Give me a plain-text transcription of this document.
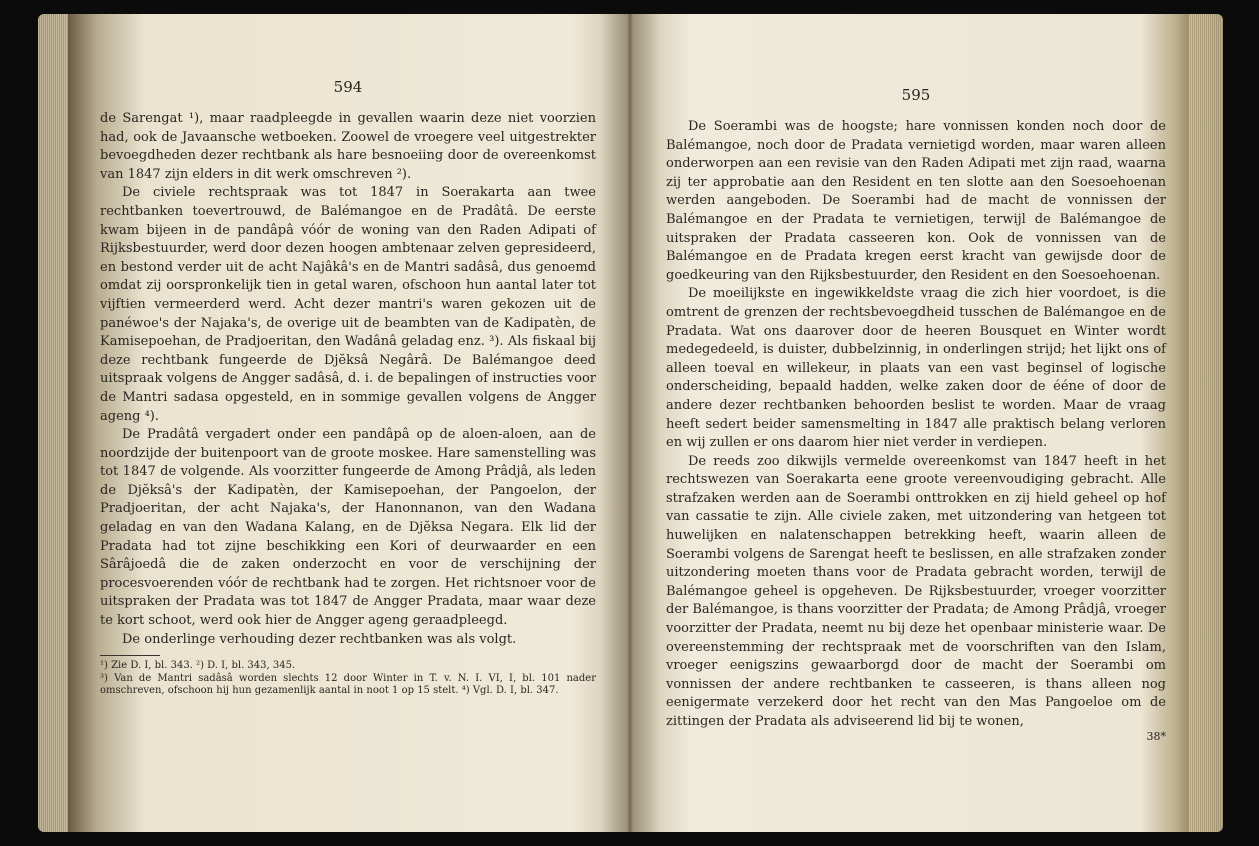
594

de Sarengat ¹), maar raadpleegde in gevallen waarin deze niet voorzien had, ook de Javaansche wetboeken. Zoowel de vroegere veel uitgestrekter bevoegdheden dezer rechtbank als hare besnoeiing door de overeenkomst van 1847 zijn elders in dit werk omschreven ²).

De civiele rechtspraak was tot 1847 in Soerakarta aan twee rechtbanken toevertrouwd, de Balémangoe en de Pradâtâ. De eerste kwam bijeen in de pandâpâ vóór de woning van den Raden Adipati of Rijksbestuurder, werd door dezen hoogen ambtenaar zelven gepresideerd, en bestond verder uit de acht Najâkâ's en de Mantri sadâsâ, dus genoemd omdat zij oorspronkelijk tien in getal waren, ofschoon hun aantal later tot vijftien vermeerderd werd. Acht dezer mantri's waren gekozen uit de panéwoe's der Najaka's, de overige uit de beambten van de Kadipatèn, de Kamisepoehan, de Pradjoeritan, den Wadânâ geladag enz. ³). Als fiskaal bij deze rechtbank fungeerde de Djĕksâ Negârâ. De Balémangoe deed uitspraak volgens de Angger sadâsâ, d. i. de bepalingen of instructies voor de Mantri sadasa opgesteld, en in sommige gevallen volgens de Angger ageng ⁴).

De Pradâtâ vergadert onder een pandâpâ op de aloen-aloen, aan de noordzijde der buitenpoort van de groote moskee. Hare samenstelling was tot 1847 de volgende. Als voorzitter fungeerde de Among Prâdjâ, als leden de Djĕksâ's der Kadipatèn, der Kamisepoehan, der Pangoelon, der Pradjoeritan, der acht Najaka's, der Hanonnanon, van den Wadana geladag en van den Wadana Kalang, en de Djĕksa Negara. Elk lid der Pradata had tot zijne beschikking een Kori of deurwaarder en een Sârâjoedâ die de zaken onderzocht en voor de verschijning der procesvoerenden vóór de rechtbank had te zorgen. Het richtsnoer voor de uitspraken der Pradata was tot 1847 de Angger Pradata, maar waar deze te kort schoot, werd ook hier de Angger ageng geraadpleegd.

De onderlinge verhouding dezer rechtbanken was als volgt.

¹) Zie D. I, bl. 343. ²) D. I, bl. 343, 345.

³) Van de Mantri sadâsâ worden slechts 12 door Winter in T. v. N. I. VI, I, bl. 101 nader omschreven, ofschoon hij hun gezamenlijk aantal in noot 1 op 15 stelt. ⁴) Vgl. D. I, bl. 347.

595

De Soerambi was de hoogste; hare vonnissen konden noch door de Balémangoe, noch door de Pradata vernietigd worden, maar waren alleen onderworpen aan een revisie van den Raden Adipati met zijn raad, waarna zij ter approbatie aan den Resident en ten slotte aan den Soesoehoenan werden aangeboden. De Soerambi had de macht de vonnissen der Balémangoe en der Pradata te vernietigen, terwijl de Balémangoe de uitspraken der Pradata casseeren kon. Ook de vonnissen van de Balémangoe en de Pradata kregen eerst kracht van gewijsde door de goedkeuring van den Rijksbestuurder, den Resident en den Soesoehoenan.

De moeilijkste en ingewikkeldste vraag die zich hier voordoet, is die omtrent de grenzen der rechtsbevoegdheid tusschen de Balémangoe en de Pradata. Wat ons daarover door de heeren Bousquet en Winter wordt medegedeeld, is duister, dubbelzinnig, in onderlingen strijd; het lijkt ons of alleen toeval en willekeur, in plaats van een vast beginsel of logische onderscheiding, bepaald hadden, welke zaken door de ééne of door de andere dezer rechtbanken behoorden beslist te worden. Maar de vraag heeft sedert beider samensmelting in 1847 alle praktisch belang verloren en wij zullen er ons daarom hier niet verder in verdiepen.

De reeds zoo dikwijls vermelde overeenkomst van 1847 heeft in het rechtswezen van Soerakarta eene groote vereenvoudiging gebracht. Alle strafzaken werden aan de Soerambi onttrokken en zij hield geheel op hof van cassatie te zijn. Alle civiele zaken, met uitzondering van hetgeen tot huwelijken en nalatenschappen betrekking heeft, waarin alleen de Soerambi volgens de Sarengat heeft te beslissen, en alle strafzaken zonder uitzondering moeten thans voor de Pradata gebracht worden, terwijl de Balémangoe geheel is opgeheven. De Rijksbestuurder, vroeger voorzitter der Balémangoe, is thans voorzitter der Pradata; de Among Prâdjâ, vroeger voorzitter der Pradata, neemt nu bij deze het openbaar ministerie waar. De overeenstemming der rechtspraak met de voorschriften van den Islam, vroeger eenigszins gewaarborgd door de macht der Soerambi om vonnissen der andere rechtbanken te casseeren, is thans alleen nog eenigermate verzekerd door het recht van den Mas Pangoeloe om de zittingen der Pradata als adviseerend lid bij te wonen,

38*
